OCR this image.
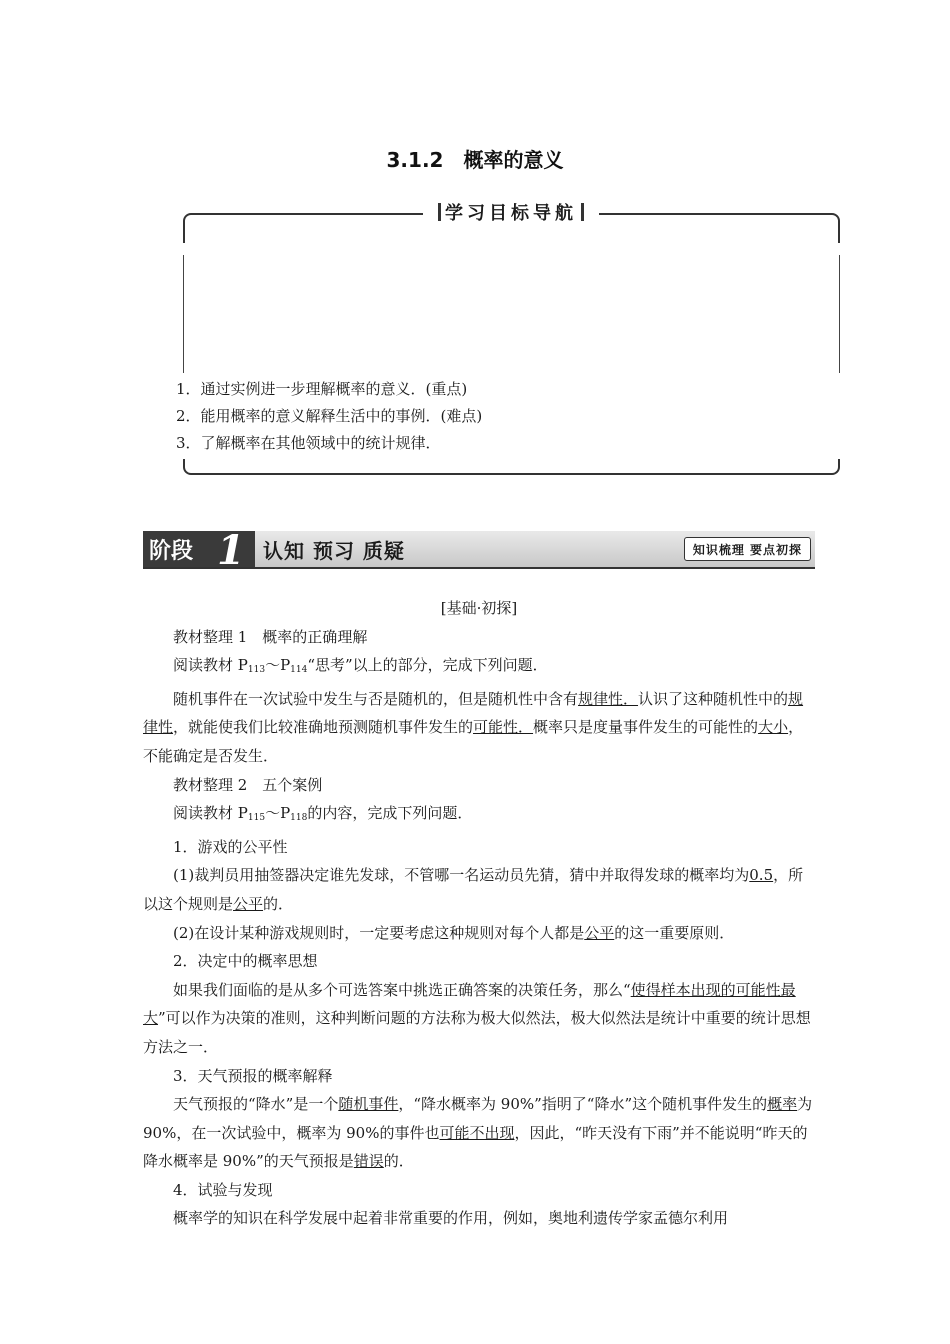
3.1.2　概率的意义
学习目标导航
1．通过实例进一步理解概率的意义．(重点)
2．能用概率的意义解释生活中的事例．(难点)
3．了解概率在其他领域中的统计规律．
阶段 1 认知 预习 质疑	知识梳理 要点初探

[基础·初探]

教材整理 1　概率的正确理解

阅读教材 $P_{113}\sim P_{114}“$思考”以上的部分，完成下列问题．

随机事件在一次试验中发生与否是随机的，但是随机性中含有规律性．认识了这种随机性中的规律性，就能使我们比较准确地预测随机事件发生的可能性．概率只是度量事件发生的可能性的大小，不能确定是否发生．

教材整理 2　五个案例

阅读教材 $P_{115}\sim P_{118}$的内容，完成下列问题．

1．游戏的公平性

(1)裁判员用抽签器决定谁先发球，不管哪一名运动员先猜，猜中并取得发球的概率均为0.5，所以这个规则是公平的．

(2)在设计某种游戏规则时，一定要考虑这种规则对每个人都是公平的这一重要原则．

2．决定中的概率思想

如果我们面临的是从多个可选答案中挑选正确答案的决策任务，那么“使得样本出现的可能性最大”可以作为决策的准则，这种判断问题的方法称为极大似然法，极大似然法是统计中重要的统计思想方法之一．

3．天气预报的概率解释

天气预报的“降水”是一个随机事件，“降水概率为 90%”指明了“降水”这个随机事件发生的概率为 90%，在一次试验中，概率为 90%的事件也可能不出现，因此，“昨天没有下雨”并不能说明“昨天的降水概率是 90%”的天气预报是错误的．

4．试验与发现

概率学的知识在科学发展中起着非常重要的作用，例如，奥地利遗传学家孟德尔利用
